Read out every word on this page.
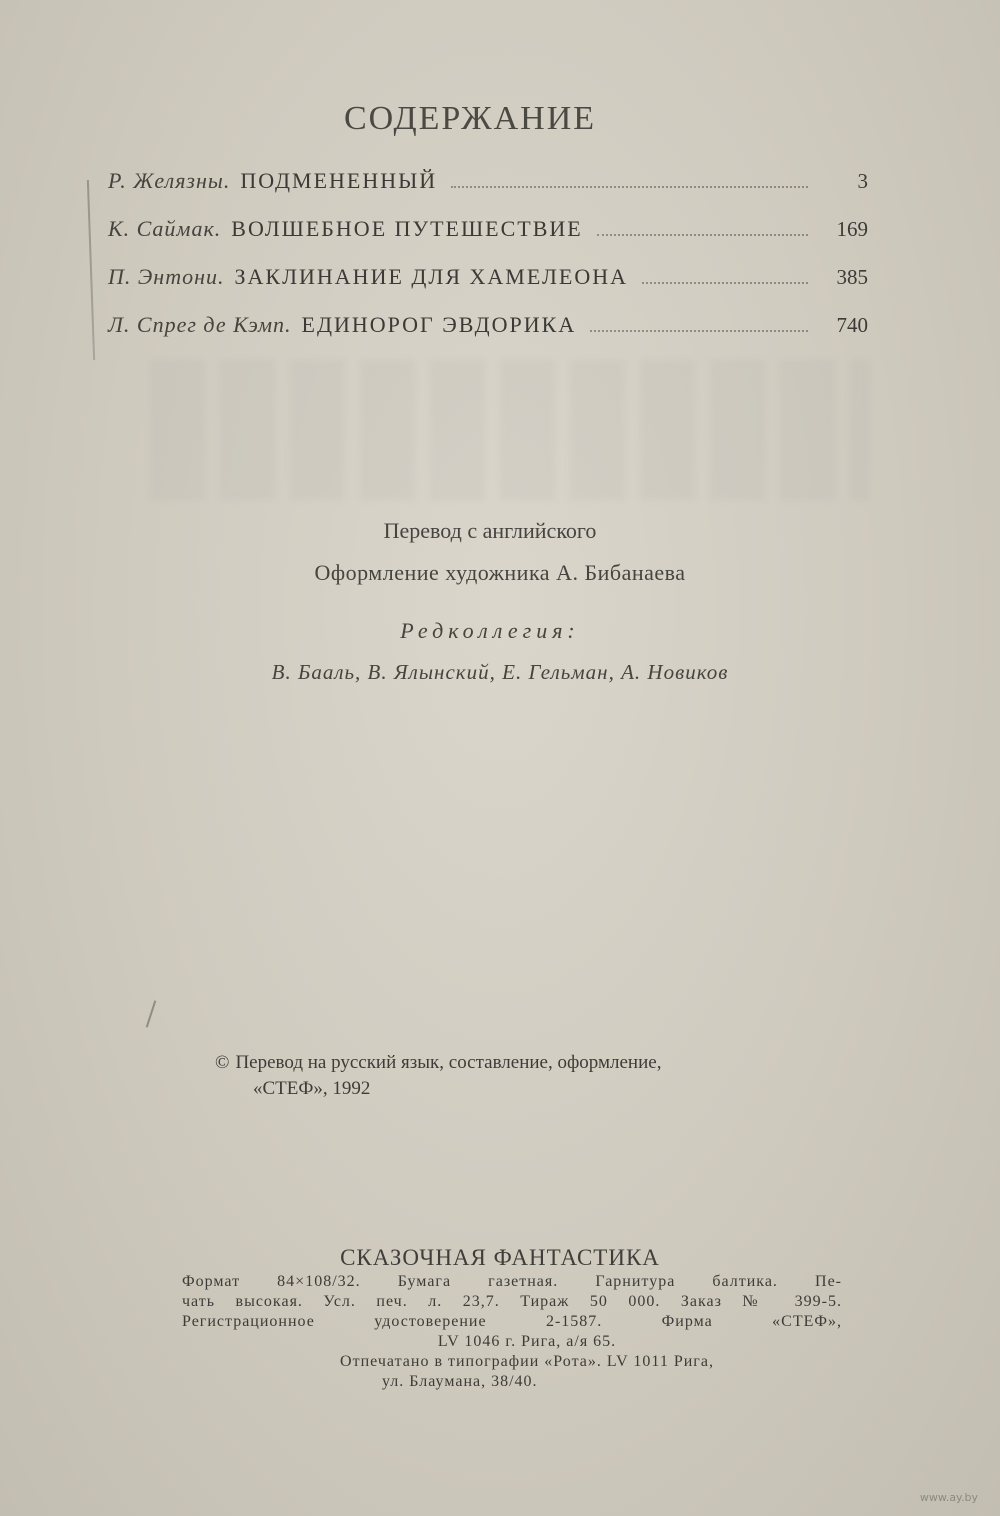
СОДЕРЖАНИЕ
Р. Желязны. ПОДМЕНЕННЫЙ	3
К. Саймак. ВОЛШЕБНОЕ ПУТЕШЕСТВИЕ	169
П. Энтони. ЗАКЛИНАНИЕ ДЛЯ ХАМЕЛЕОНА	385
Л. Спрег де Кэмп. ЕДИНОРОГ ЭВДОРИКА	740
Перевод с английского
Оформление художника А. Бибанаева
Редколлегия:
В. Бааль, В. Ялынский, Е. Гельман, А. Новиков
© Перевод на русский язык, составление, оформление,
«СТЕФ», 1992
СКАЗОЧНАЯ ФАНТАСТИКА
Формат 84×108/32. Бумага газетная. Гарнитура балтика. Пе-
чать высокая. Усл. печ. л. 23,7. Тираж 50 000. Заказ № 399-5.
Регистрационное удостоверение 2-1587. Фирма «СТЕФ»,
LV 1046 г. Рига, а/я 65.
Отпечатано в типографии «Рота». LV 1011 Рига,
ул. Блаумана, 38/40.
www.ay.by
